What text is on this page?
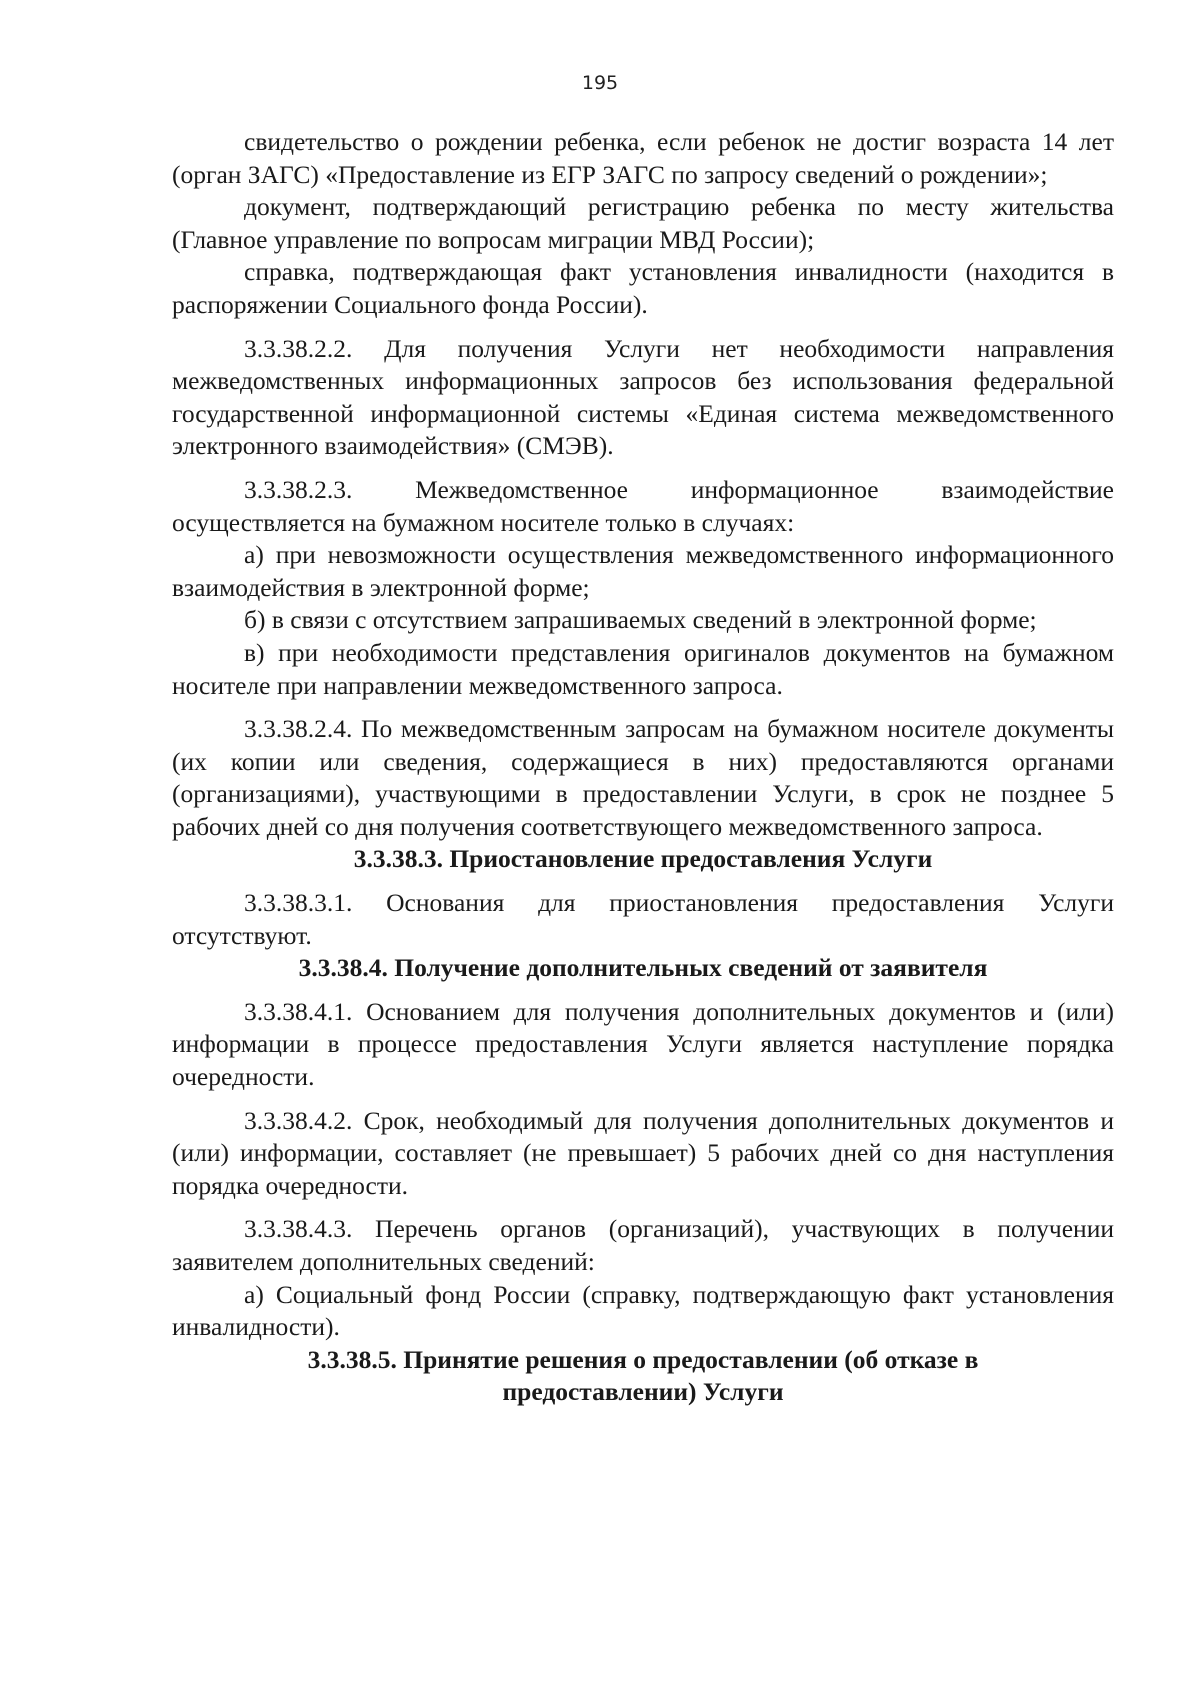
195

свидетельство о рождении ребенка, если ребенок не достиг возраста 14 лет (орган ЗАГС) «Предоставление из ЕГР ЗАГС по запросу сведений о рождении»;

документ, подтверждающий регистрацию ребенка по месту жительства (Главное управление по вопросам миграции МВД России);

справка, подтверждающая факт установления инвалидности (находится в распоряжении Социального фонда России).

3.3.38.2.2. Для получения Услуги нет необходимости направления межведомственных информационных запросов без использования федеральной государственной информационной системы «Единая система межведомственного электронного взаимодействия» (СМЭВ).

3.3.38.2.3. Межведомственное информационное взаимодействие осуществляется на бумажном носителе только в случаях:

а) при невозможности осуществления межведомственного информационного взаимодействия в электронной форме;

б) в связи с отсутствием запрашиваемых сведений в электронной форме;

в) при необходимости представления оригиналов документов на бумажном носителе при направлении межведомственного запроса.

3.3.38.2.4. По межведомственным запросам на бумажном носителе документы (их копии или сведения, содержащиеся в них) предоставляются органами (организациями), участвующими в предоставлении Услуги, в срок не позднее 5 рабочих дней со дня получения соответствующего межведомственного запроса.

3.3.38.3. Приостановление предоставления Услуги

3.3.38.3.1. Основания для приостановления предоставления Услуги отсутствуют.

3.3.38.4. Получение дополнительных сведений от заявителя

3.3.38.4.1. Основанием для получения дополнительных документов и (или) информации в процессе предоставления Услуги является наступление порядка очередности.

3.3.38.4.2. Срок, необходимый для получения дополнительных документов и (или) информации, составляет (не превышает) 5 рабочих дней со дня наступления порядка очередности.

3.3.38.4.3. Перечень органов (организаций), участвующих в получении заявителем дополнительных сведений:

а) Социальный фонд России (справку, подтверждающую факт установления инвалидности).

3.3.38.5. Принятие решения о предоставлении (об отказе в предоставлении) Услуги
